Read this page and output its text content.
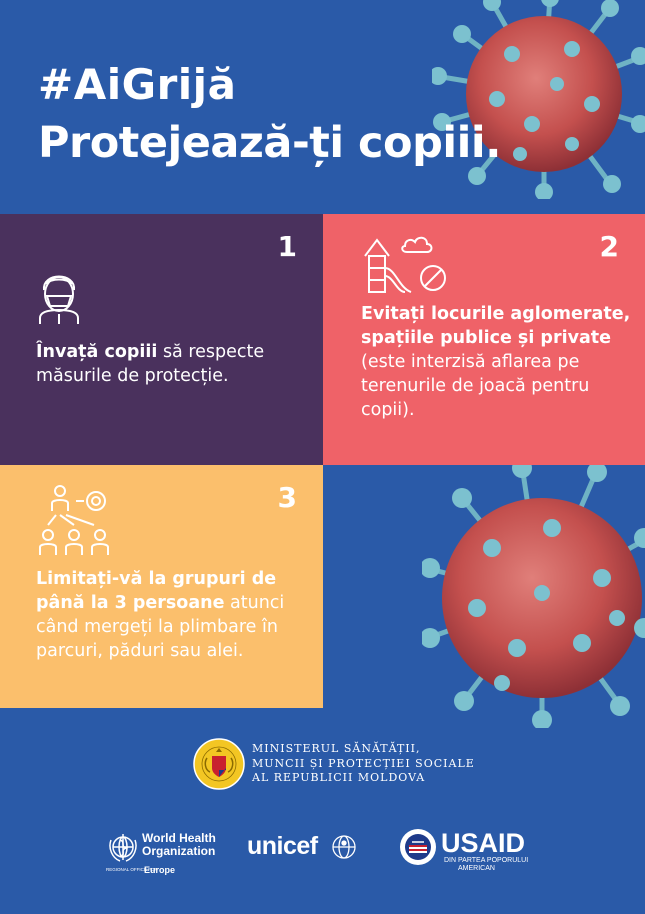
#AiGrijă
Protejează-ți copiii.
1
Învață copiii să respecte măsurile de protecție.
2
Evitați locurile aglomerate, spațiile publice și private (este interzisă aflarea pe terenurile de joacă pentru copii).
3
Limitați-vă la grupuri de până la 3 persoane atunci când mergeți la plimbare în parcuri, păduri sau alei.
MINISTERUL SĂNĂTĂȚII,
MUNCII ȘI PROTECȚIEI SOCIALE
AL REPUBLICII MOLDOVA
World Health
Organization
REGIONAL OFFICE FOR
Europe
unicef	USAID
DIN PARTEA POPORULUI
AMERICAN
